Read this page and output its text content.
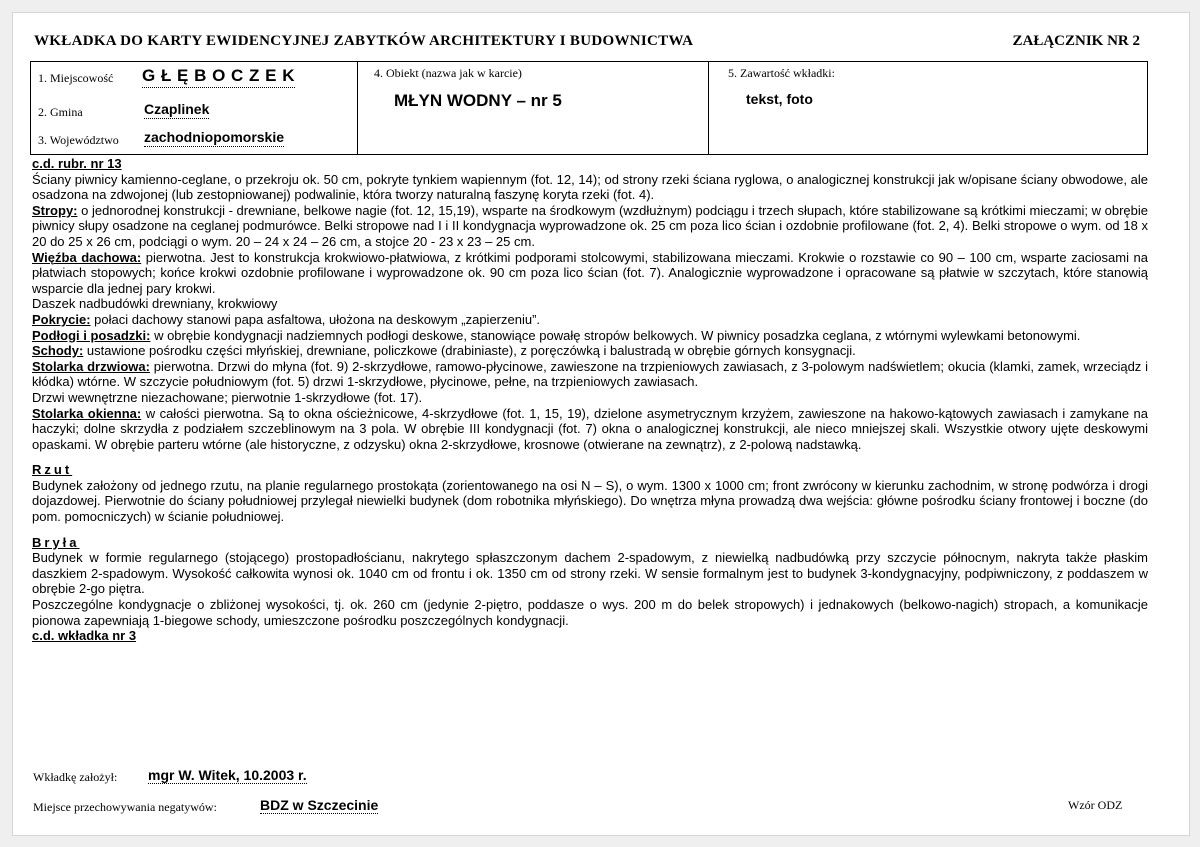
WKŁADKA DO KARTY EWIDENCYJNEJ ZABYTKÓW ARCHITEKTURY I BUDOWNICTWA	ZAŁĄCZNIK NR 2
1. Miejscowość G Ł Ę B O C Z E K
2. Gmina	Czaplinek
3. Województwo zachodniopomorskie
4. Obiekt (nazwa jak w karcie)
MŁYN WODNY – nr 5
5. Zawartość wkładki:
tekst, foto

c.d. rubr. nr 13

Ściany piwnicy kamienno-ceglane, o przekroju ok. 50 cm, pokryte tynkiem wapiennym (fot. 12, 14); od strony rzeki ściana ryglowa, o analogicznej konstrukcji jak w/opisane ściany obwodowe, ale osadzona na zdwojonej (lub zestopniowanej) podwalinie, która tworzy naturalną faszynę koryta rzeki (fot. 4).

Stropy: o jednorodnej konstrukcji - drewniane, belkowe nagie (fot. 12, 15,19), wsparte na środkowym (wzdłużnym) podciągu i trzech słupach, które stabilizowane są krótkimi mieczami; w obrębie piwnicy słupy osadzone na ceglanej podmurówce. Belki stropowe nad I i II kondygnacja wyprowadzone ok. 25 cm poza lico ścian i ozdobnie profilowane (fot. 2, 4). Belki stropowe o wym. od 18 x 20 do 25 x 26 cm, podciągi o wym. 20 – 24 x 24 – 26 cm, a stojce 20 - 23 x 23 – 25 cm.

Więźba dachowa: pierwotna. Jest to konstrukcja krokwiowo-płatwiowa, z krótkimi podporami stolcowymi, stabilizowana mieczami. Krokwie o rozstawie co 90 – 100 cm, wsparte zaciosami na płatwiach stopowych; końce krokwi ozdobnie profilowane i wyprowadzone ok. 90 cm poza lico ścian (fot. 7). Analogicznie wyprowadzone i opracowane są płatwie w szczytach, które stanowią wsparcie dla jednej pary krokwi.

Daszek nadbudówki drewniany, krokwiowy

Pokrycie: połaci dachowy stanowi papa asfaltowa, ułożona na deskowym „zapierzeniu”.

Podłogi i posadzki: w obrębie kondygnacji nadziemnych podłogi deskowe, stanowiące powałę stropów belkowych. W piwnicy posadzka ceglana, z wtórnymi wylewkami betonowymi.

Schody: ustawione pośrodku części młyńskiej, drewniane, policzkowe (drabiniaste), z poręczówką i balustradą w obrębie górnych konsygnacji.

Stolarka drzwiowa: pierwotna. Drzwi do młyna (fot. 9) 2-skrzydłowe, ramowo-płycinowe, zawieszone na trzpieniowych zawiasach, z 3-polowym nadświetlem; okucia (klamki, zamek, wrzeciądz i kłódka) wtórne. W szczycie południowym (fot. 5) drzwi 1-skrzydłowe, płycinowe, pełne, na trzpieniowych zawiasach.

Drzwi wewnętrzne niezachowane; pierwotnie 1-skrzydłowe (fot. 17).

Stolarka okienna: w całości pierwotna. Są to okna ościeżnicowe, 4-skrzydłowe (fot. 1, 15, 19), dzielone asymetrycznym krzyżem, zawieszone na hakowo-kątowych zawiasach i zamykane na haczyki; dolne skrzydła z podziałem szczeblinowym na 3 pola. W obrębie III kondygnacji (fot. 7) okna o analogicznej konstrukcji, ale nieco mniejszej skali. Wszystkie otwory ujęte deskowymi opaskami. W obrębie parteru wtórne (ale historyczne, z odzysku) okna 2-skrzydłowe, krosnowe (otwierane na zewnątrz), z 2-polową nadstawką.

Rzut

Budynek założony od jednego rzutu, na planie regularnego prostokąta (zorientowanego na osi N – S), o wym. 1300 x 1000 cm; front zwrócony w kierunku zachodnim, w stronę podwórza i drogi dojazdowej. Pierwotnie do ściany południowej przylegał niewielki budynek (dom robotnika młyńskiego). Do wnętrza młyna prowadzą dwa wejścia: główne pośrodku ściany frontowej i boczne (do pom. pomocniczych) w ścianie południowej.

Bryła

Budynek w formie regularnego (stojącego) prostopadłościanu, nakrytego spłaszczonym dachem 2-spadowym, z niewielką nadbudówką przy szczycie północnym, nakryta także płaskim daszkiem 2-spadowym. Wysokość całkowita wynosi ok. 1040 cm od frontu i ok. 1350 cm od strony rzeki. W sensie formalnym jest to budynek 3-kondygnacyjny, podpiwniczony, z poddaszem w obrębie 2-go piętra.

Poszczególne kondygnacje o zbliżonej wysokości, tj. ok. 260 cm (jedynie 2-piętro, poddasze o wys. 200 m do belek stropowych) i jednakowych (belkowo-nagich) stropach, a komunikacje pionowa zapewniają 1-biegowe schody, umieszczone pośrodku poszczególnych kondygnacji.

c.d. wkładka nr 3

Wkładkę założył: mgr W. Witek, 10.2003 r.
Miejsce przechowywania negatywów:	BDZ w Szczecinie	Wzór ODZ
